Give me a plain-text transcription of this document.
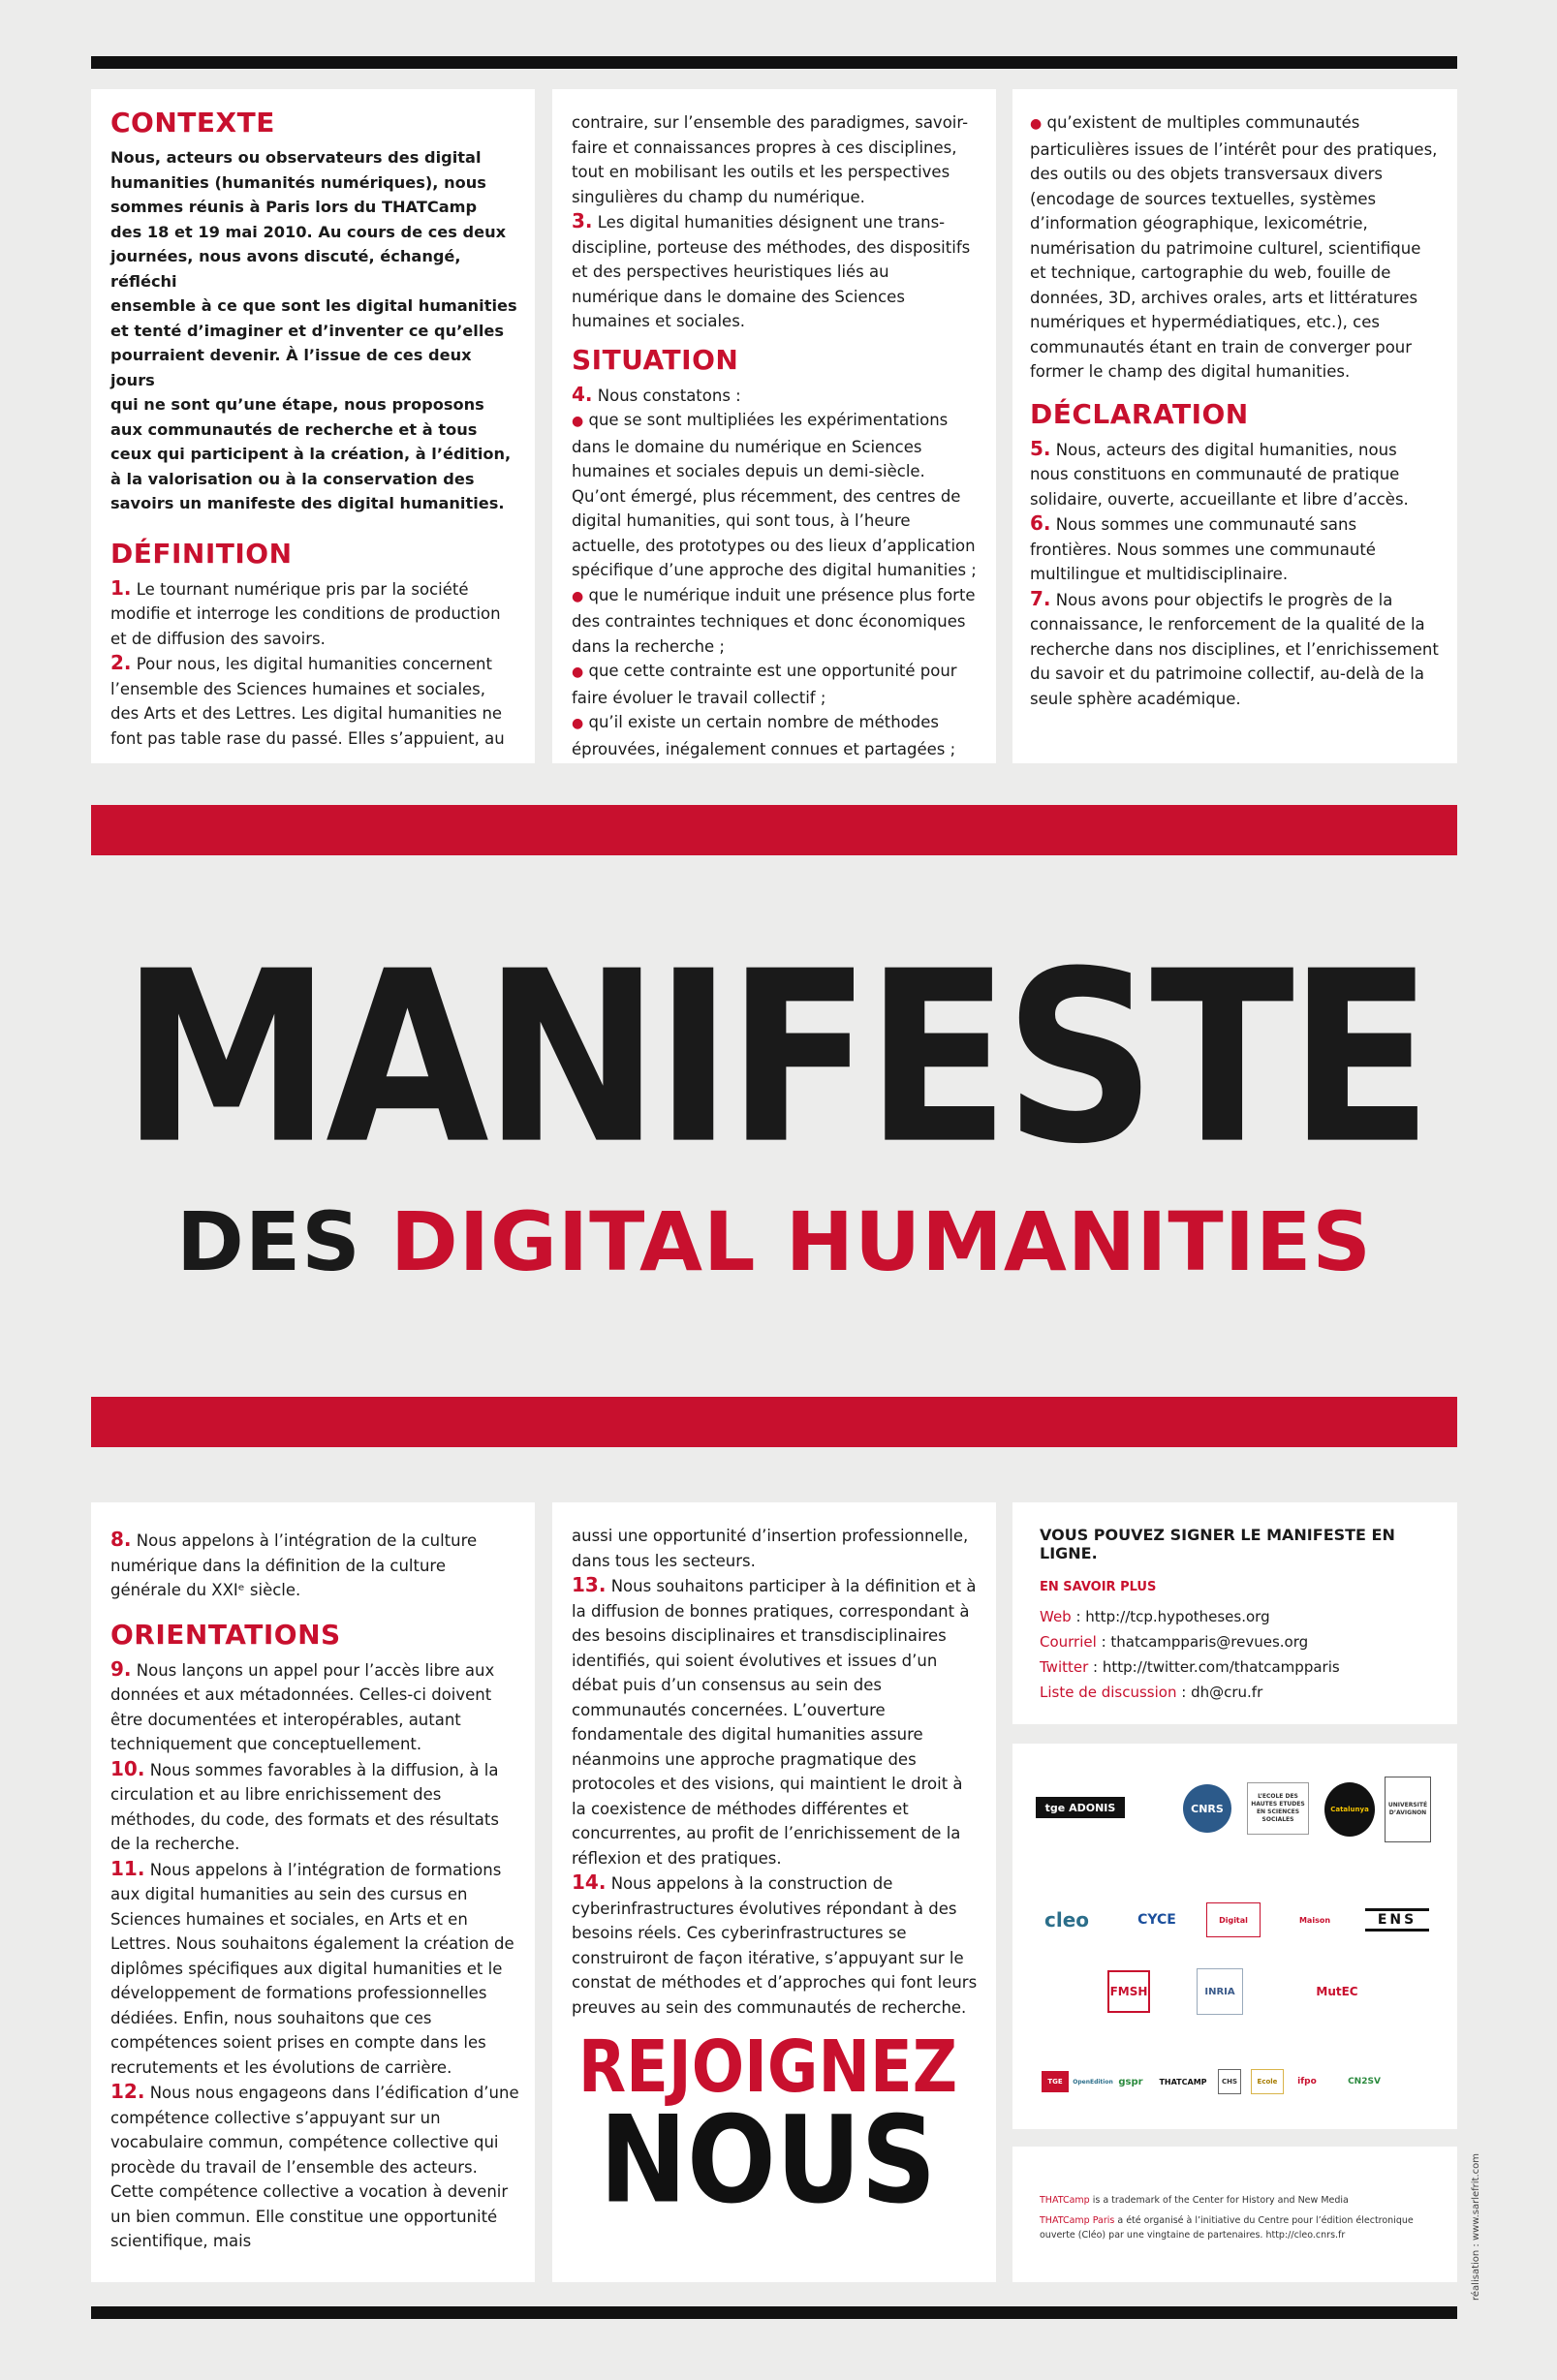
CONTEXTE
Nous, acteurs ou observateurs des digital
humanities (humanités numériques), nous
sommes réunis à Paris lors du THATCamp
des 18 et 19 mai 2010. Au cours de ces deux
journées, nous avons discuté, échangé, réfléchi
ensemble à ce que sont les digital humanities
et tenté d’imaginer et d’inventer ce qu’elles
pourraient devenir. À l’issue de ces deux jours
qui ne sont qu’une étape, nous proposons
aux communautés de recherche et à tous
ceux qui participent à la création, à l’édition,
à la valorisation ou à la conservation des
savoirs un manifeste des digital humanities.
DÉFINITION

1. Le tournant numérique pris par la société modifie et interroge les conditions de production et de diffusion des savoirs.

2. Pour nous, les digital humanities concernent l’ensemble des Sciences humaines et sociales, des Arts et des Lettres. Les digital humanities ne font pas table rase du passé. Elles s’appuient, au

contraire, sur l’ensemble des paradigmes, savoir-faire et connaissances propres à ces disciplines, tout en mobilisant les outils et les perspectives singulières du champ du numérique.

3. Les digital humanities désignent une trans-discipline, porteuse des méthodes, des dispositifs et des perspectives heuristiques liés au numérique dans le domaine des Sciences humaines et sociales.

SITUATION

4. Nous constatons :

● que se sont multipliées les expérimentations dans le domaine du numérique en Sciences humaines et sociales depuis un demi-siècle. Qu’ont émergé, plus récemment, des centres de digital humanities, qui sont tous, à l’heure actuelle, des prototypes ou des lieux d’application spécifique d’une approche des digital humanities ;

● que le numérique induit une présence plus forte des contraintes techniques et donc économiques dans la recherche ;

● que cette contrainte est une opportunité pour faire évoluer le travail collectif ;

● qu’il existe un certain nombre de méthodes éprouvées, inégalement connues et partagées ;

● qu’existent de multiples communautés particulières issues de l’intérêt pour des pratiques, des outils ou des objets transversaux divers (encodage de sources textuelles, systèmes d’information géographique, lexicométrie, numérisation du patrimoine culturel, scientifique et technique, cartographie du web, fouille de données, 3D, archives orales, arts et littératures numériques et hypermédiatiques, etc.), ces communautés étant en train de converger pour former le champ des digital humanities.

DÉCLARATION

5. Nous, acteurs des digital humanities, nous nous constituons en communauté de pratique solidaire, ouverte, accueillante et libre d’accès.

6. Nous sommes une communauté sans frontières. Nous sommes une communauté multilingue et multidisciplinaire.

7. Nous avons pour objectifs le progrès de la connaissance, le renforcement de la qualité de la recherche dans nos disciplines, et l’enrichissement du savoir et du patrimoine collectif, au-delà de la seule sphère académique.

MANIFESTE
DES DIGITAL HUMANITIES

8. Nous appelons à l’intégration de la culture numérique dans la définition de la culture générale du XXIᵉ siècle.

ORIENTATIONS

9. Nous lançons un appel pour l’accès libre aux données et aux métadonnées. Celles-ci doivent être documentées et interopérables, autant techniquement que conceptuellement.

10. Nous sommes favorables à la diffusion, à la circulation et au libre enrichissement des méthodes, du code, des formats et des résultats de la recherche.

11. Nous appelons à l’intégration de formations aux digital humanities au sein des cursus en Sciences humaines et sociales, en Arts et en Lettres. Nous souhaitons également la création de diplômes spécifiques aux digital humanities et le développement de formations professionnelles dédiées. Enfin, nous souhaitons que ces compétences soient prises en compte dans les recrutements et les évolutions de carrière.

12. Nous nous engageons dans l’édification d’une compétence collective s’appuyant sur un vocabulaire commun, compétence collective qui procède du travail de l’ensemble des acteurs. Cette compétence collective a vocation à devenir un bien commun. Elle constitue une opportunité scientifique, mais

aussi une opportunité d’insertion professionnelle, dans tous les secteurs.

13. Nous souhaitons participer à la définition et à la diffusion de bonnes pratiques, correspondant à des besoins disciplinaires et transdisciplinaires identifiés, qui soient évolutives et issues d’un débat puis d’un consensus au sein des communautés concernées. L’ouverture fondamentale des digital humanities assure néanmoins une approche pragmatique des protocoles et des visions, qui maintient le droit à la coexistence de méthodes différentes et concurrentes, au profit de l’enrichissement de la réflexion et des pratiques.

14. Nous appelons à la construction de cyberinfrastructures évolutives répondant à des besoins réels. Ces cyberinfrastructures se construiront de façon itérative, s’appuyant sur le constat de méthodes et d’approches qui font leurs preuves au sein des communautés de recherche.

REJOIGNEZ
NOUS
VOUS POUVEZ SIGNER LE MANIFESTE EN LIGNE.
EN SAVOIR PLUS
Web : http://tcp.hypotheses.org
Courriel : thatcampparis@revues.org
Twitter : http://twitter.com/thatcampparis
Liste de discussion : dh@cru.fr
tge ADONIS	CNRS
L’ECOLE DES HAUTES ETUDES EN SCIENCES SOCIALES
Catalunya	UNIVERSITÉ D’AVIGNON
cleo	CYCE	Digital	Maison	ENS
FMSH	INRIA	MutEC
TGE	OpenEdition gspr	THATCAMP	CHS	Ecole	ifpo	CN2SV
THATCamp is a trademark of the Center for History and New Media
THATCamp Paris a été organisé à l’initiative du Centre pour l’édition électronique ouverte (Cléo) par une vingtaine de partenaires. http://cleo.cnrs.fr	réalisation : www.sarlefrit.com
